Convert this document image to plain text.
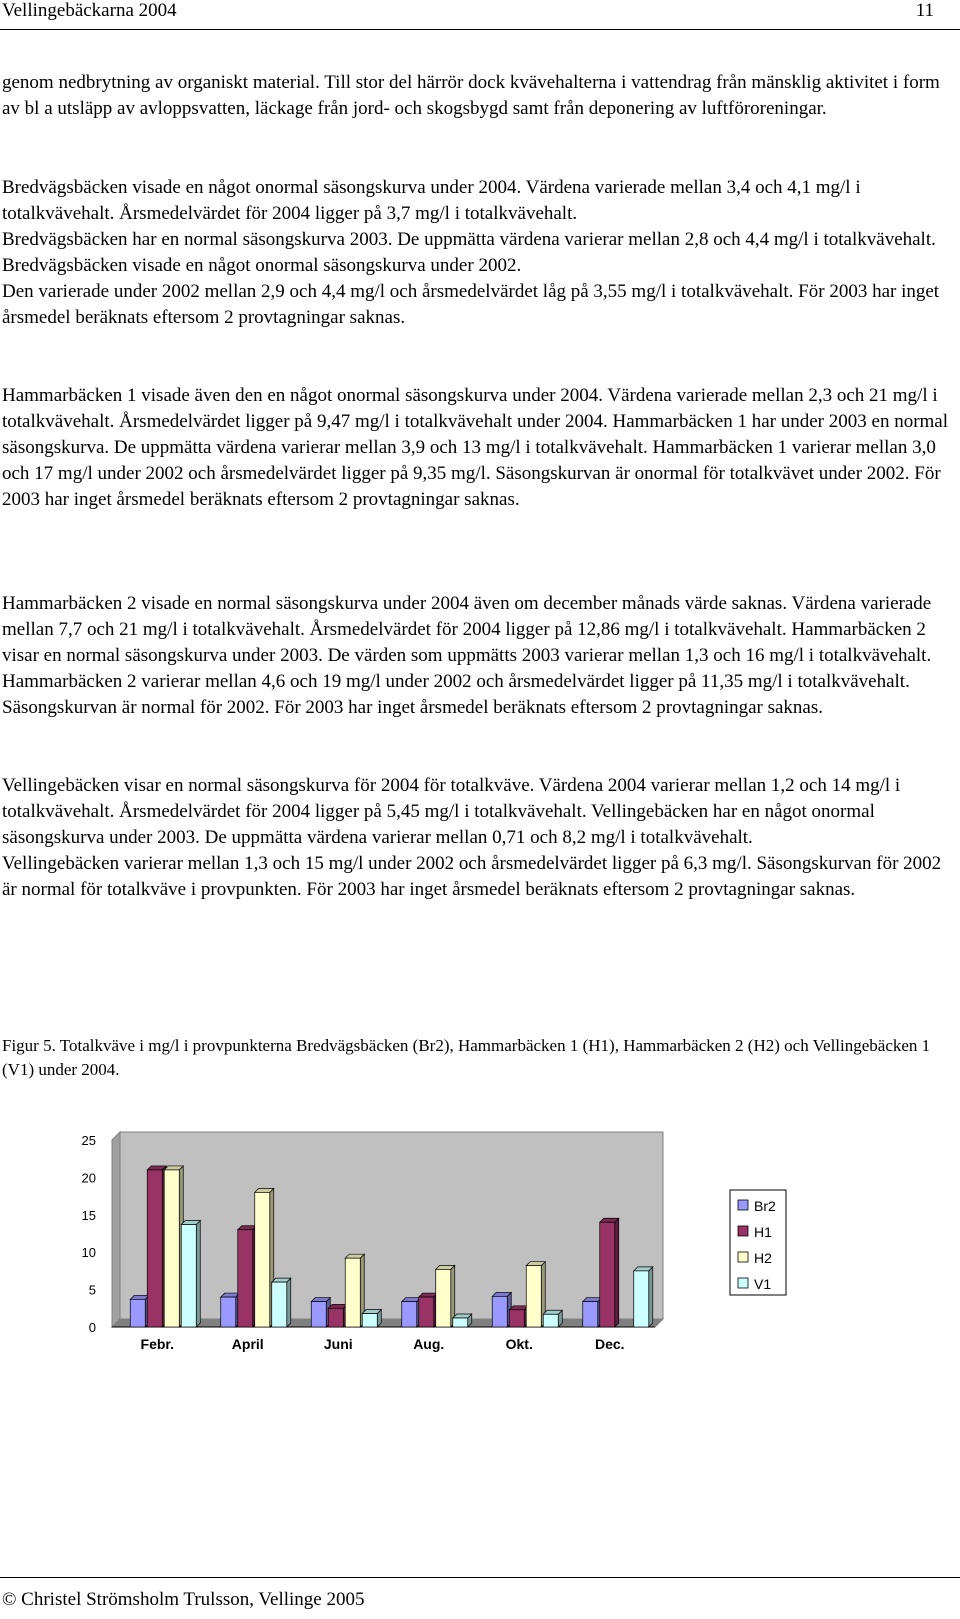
Vellingebäckarna 2004	11

genom nedbrytning av organiskt material. Till stor del härrör dock kvävehalterna i vattendrag från mänsklig aktivitet i form av bl a utsläpp av avloppsvatten, läckage från jord- och skogsbygd samt från deponering av luftföroreningar.

Bredvägsbäcken visade en något onormal säsongskurva under 2004. Värdena varierade mellan 3,4 och 4,1 mg/l i totalkvävehalt. Årsmedelvärdet för 2004 ligger på 3,7 mg/l i totalkvävehalt.
Bredvägsbäcken har en normal säsongskurva 2003. De uppmätta värdena varierar mellan 2,8 och 4,4 mg/l i totalkvävehalt.
Bredvägsbäcken visade en något onormal säsongskurva under 2002.
Den varierade under 2002 mellan 2,9 och 4,4 mg/l och årsmedelvärdet låg på 3,55 mg/l i totalkvävehalt. För 2003 har inget årsmedel beräknats eftersom 2 provtagningar saknas.

Hammarbäcken 1 visade även den en något onormal säsongskurva under 2004. Värdena varierade mellan 2,3 och 21 mg/l i totalkvävehalt. Årsmedelvärdet ligger på 9,47 mg/l i totalkvävehalt under 2004. Hammarbäcken 1 har under 2003 en normal säsongskurva. De uppmätta värdena varierar mellan 3,9 och 13 mg/l i totalkvävehalt. Hammarbäcken 1 varierar mellan 3,0 och 17 mg/l under 2002 och årsmedelvärdet ligger på 9,35 mg/l. Säsongskurvan är onormal för totalkvävet under 2002. För 2003 har inget årsmedel beräknats eftersom 2 provtagningar saknas.

Hammarbäcken 2 visade en normal säsongskurva under 2004 även om december månads värde saknas. Värdena varierade mellan 7,7 och 21 mg/l i totalkvävehalt. Årsmedelvärdet för 2004 ligger på 12,86 mg/l i totalkvävehalt. Hammarbäcken 2 visar en normal säsongskurva under 2003. De värden som uppmätts 2003 varierar mellan 1,3 och 16 mg/l i totalkvävehalt. Hammarbäcken 2 varierar mellan 4,6 och 19 mg/l under 2002 och årsmedelvärdet ligger på 11,35 mg/l i totalkvävehalt. Säsongskurvan är normal för 2002. För 2003 har inget årsmedel beräknats eftersom 2 provtagningar saknas.

Vellingebäcken visar en normal säsongskurva för 2004 för totalkväve. Värdena 2004 varierar mellan 1,2 och 14 mg/l i totalkvävehalt. Årsmedelvärdet för 2004 ligger på 5,45 mg/l i totalkvävehalt. Vellingebäcken har en något onormal säsongskurva under 2003. De uppmätta värdena varierar mellan 0,71 och 8,2 mg/l i totalkvävehalt.
Vellingebäcken varierar mellan 1,3 och 15 mg/l under 2002 och årsmedelvärdet ligger på 6,3 mg/l. Säsongskurvan för 2002 är normal för totalkväve i provpunkten. För 2003 har inget årsmedel beräknats eftersom 2 provtagningar saknas.

Figur 5. Totalkväve i mg/l i provpunkterna Bredvägsbäcken (Br2), Hammarbäcken 1 (H1), Hammarbäcken 2 (H2) och Vellingebäcken 1 (V1) under 2004.
0
5
10
15
20
25
Febr.	April	Juni	Aug.	Okt.	Dec.
Br2
H1
H2
V1
© Christel Strömsholm Trulsson, Vellinge 2005
